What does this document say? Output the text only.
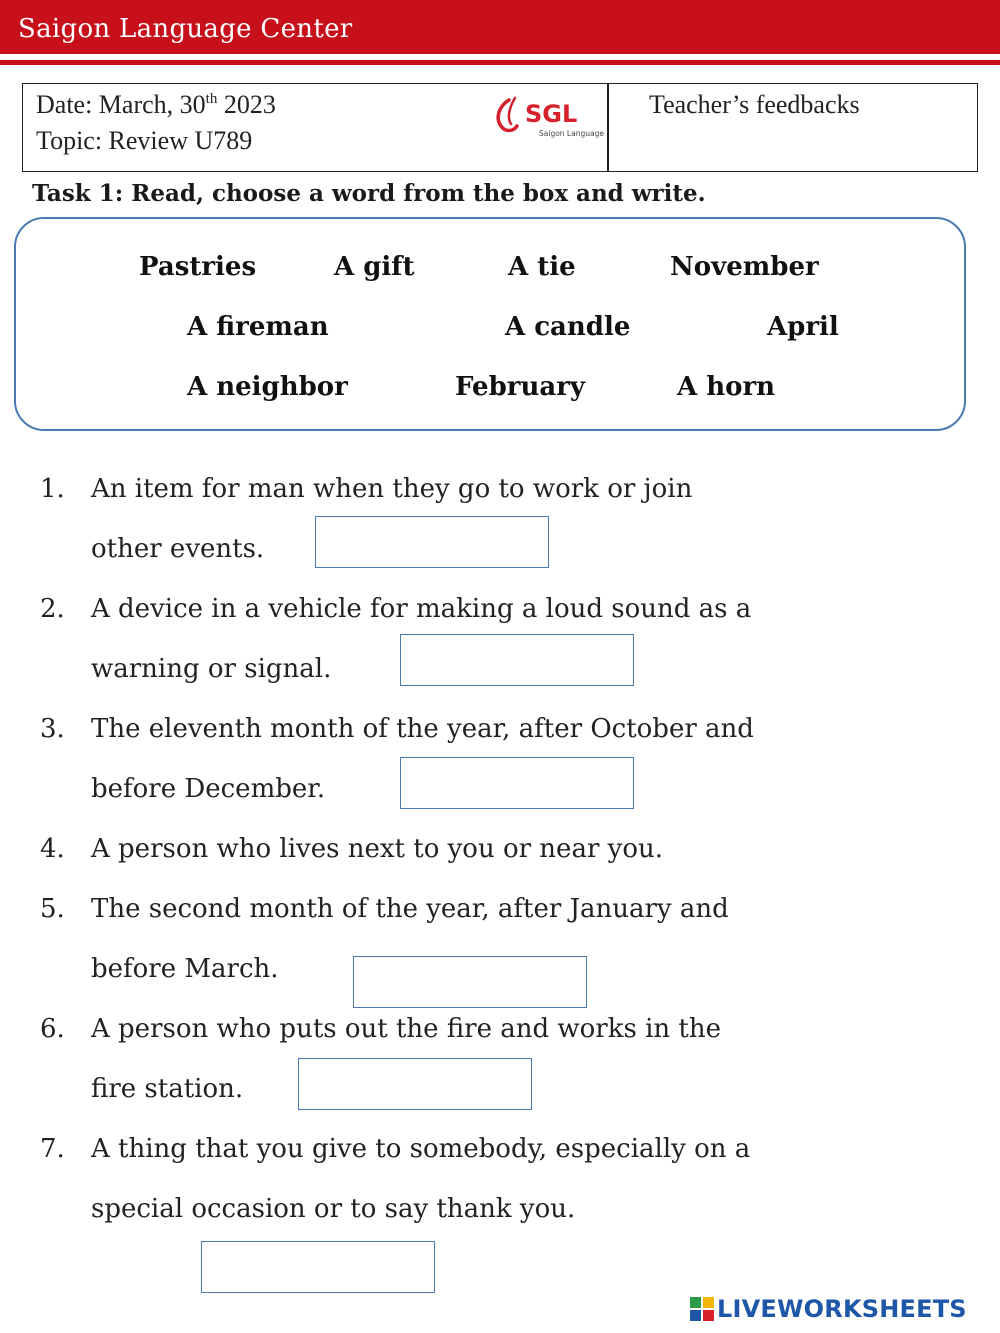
Saigon Language Center
Date: March, 30th 2023
Topic: Review U789
SGL
Saigon Language
Teacher’s feedbacks
Task 1: Read, choose a word from the box and write.
Pastries	A gift	A tie	November
A fireman	A candle	April
A neighbor	February	A horn
1. An item for man when they go to work or join
other events.
2. A device in a vehicle for making a loud sound as a
warning or signal.
3. The eleventh month of the year, after October and
before December.
4. A person who lives next to you or near you.
5. The second month of the year, after January and
before March.
6. A person who puts out the fire and works in the
fire station.
7. A thing that you give to somebody, especially on a
special occasion or to say thank you.
LIVEWORKSHEETS
